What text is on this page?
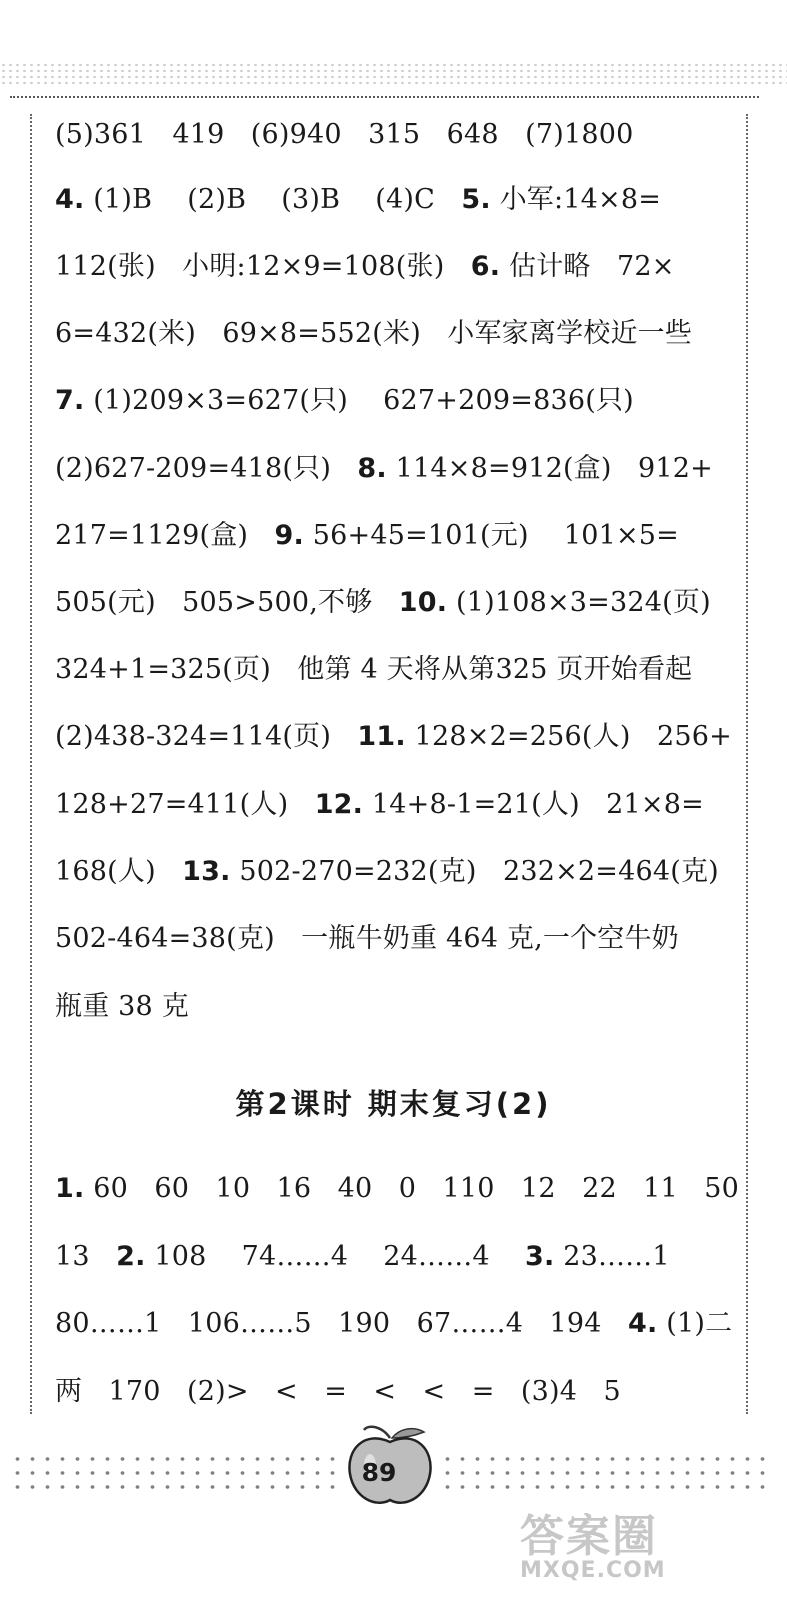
(5)361   419   (6)940   315   648   (7)1800
4. (1)B    (2)B    (3)B    (4)C   5. 小军:14×8=
112(张)   小明:12×9=108(张)   6. 估计略   72×
6=432(米)   69×8=552(米)   小军家离学校近一些
7. (1)209×3=627(只)    627+209=836(只)
(2)627-209=418(只)   8. 114×8=912(盒)   912+
217=1129(盒)   9. 56+45=101(元)    101×5=
505(元)   505>500,不够   10. (1)108×3=324(页)
324+1=325(页)   他第 4 天将从第325 页开始看起
(2)438-324=114(页)   11. 128×2=256(人)   256+
128+27=411(人)   12. 14+8-1=21(人)   21×8=
168(人)   13. 502-270=232(克)   232×2=464(克)
502-464=38(克)   一瓶牛奶重 464 克,一个空牛奶
瓶重 38 克
第2课时 期末复习(2)
1. 60   60   10   16   40   0   110   12   22   11   50
13   2. 108    74……4    24……4    3. 23……1
80……1   106……5   190   67……4   194   4. (1)二
两   170   (2)>   <   =   <   <   =   (3)4   5
89
答案圈
MXQE.COM
